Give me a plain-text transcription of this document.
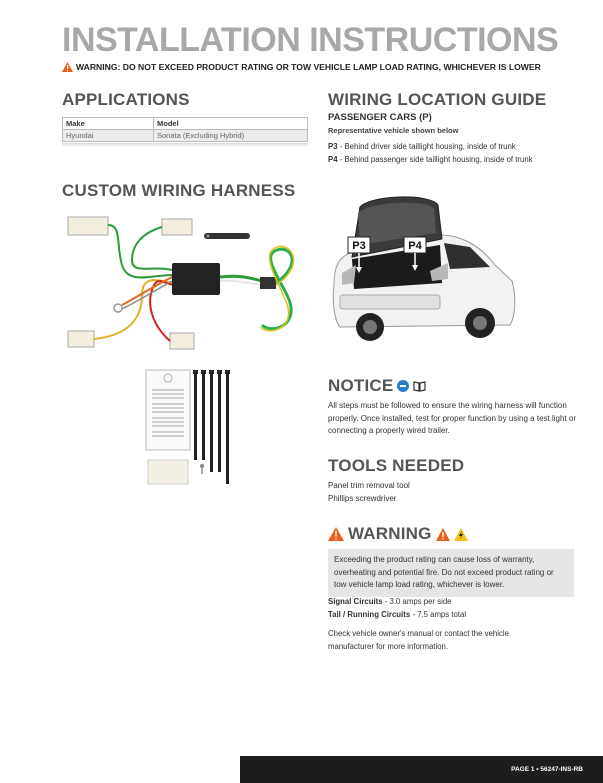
INSTALLATION INSTRUCTIONS
WARNING: DO NOT EXCEED PRODUCT RATING OR TOW VEHICLE LAMP LOAD RATING, WHICHEVER IS LOWER
APPLICATIONS
Make	Model
Hyundai	Sonata (Excluding Hybrid)
CUSTOM WIRING HARNESS
WIRING LOCATION GUIDE
PASSENGER CARS (P)
Representative vehicle shown below
P3 - Behind driver side taillight housing, inside of trunk
P4 - Behind passenger side taillight housing, inside of trunk
P3	P4
NOTICE
All steps must be followed to ensure the wiring harness will function properly. Once installed, test for proper function by using a test light or connecting a properly wired trailer.
TOOLS NEEDED
Panel trim removal tool
Phillips screwdriver
WARNING
Exceeding the product rating can cause loss of warranty, overheating and potential fire. Do not exceed product rating or tow vehicle lamp load rating, whichever is lower.
Signal Circuits - 3.0 amps per side
Tail / Running Circuits - 7.5 amps total
Check vehicle owner's manual or contact the vehicle manufacturer for more information.
PAGE 1 • 56247-INS-RB
